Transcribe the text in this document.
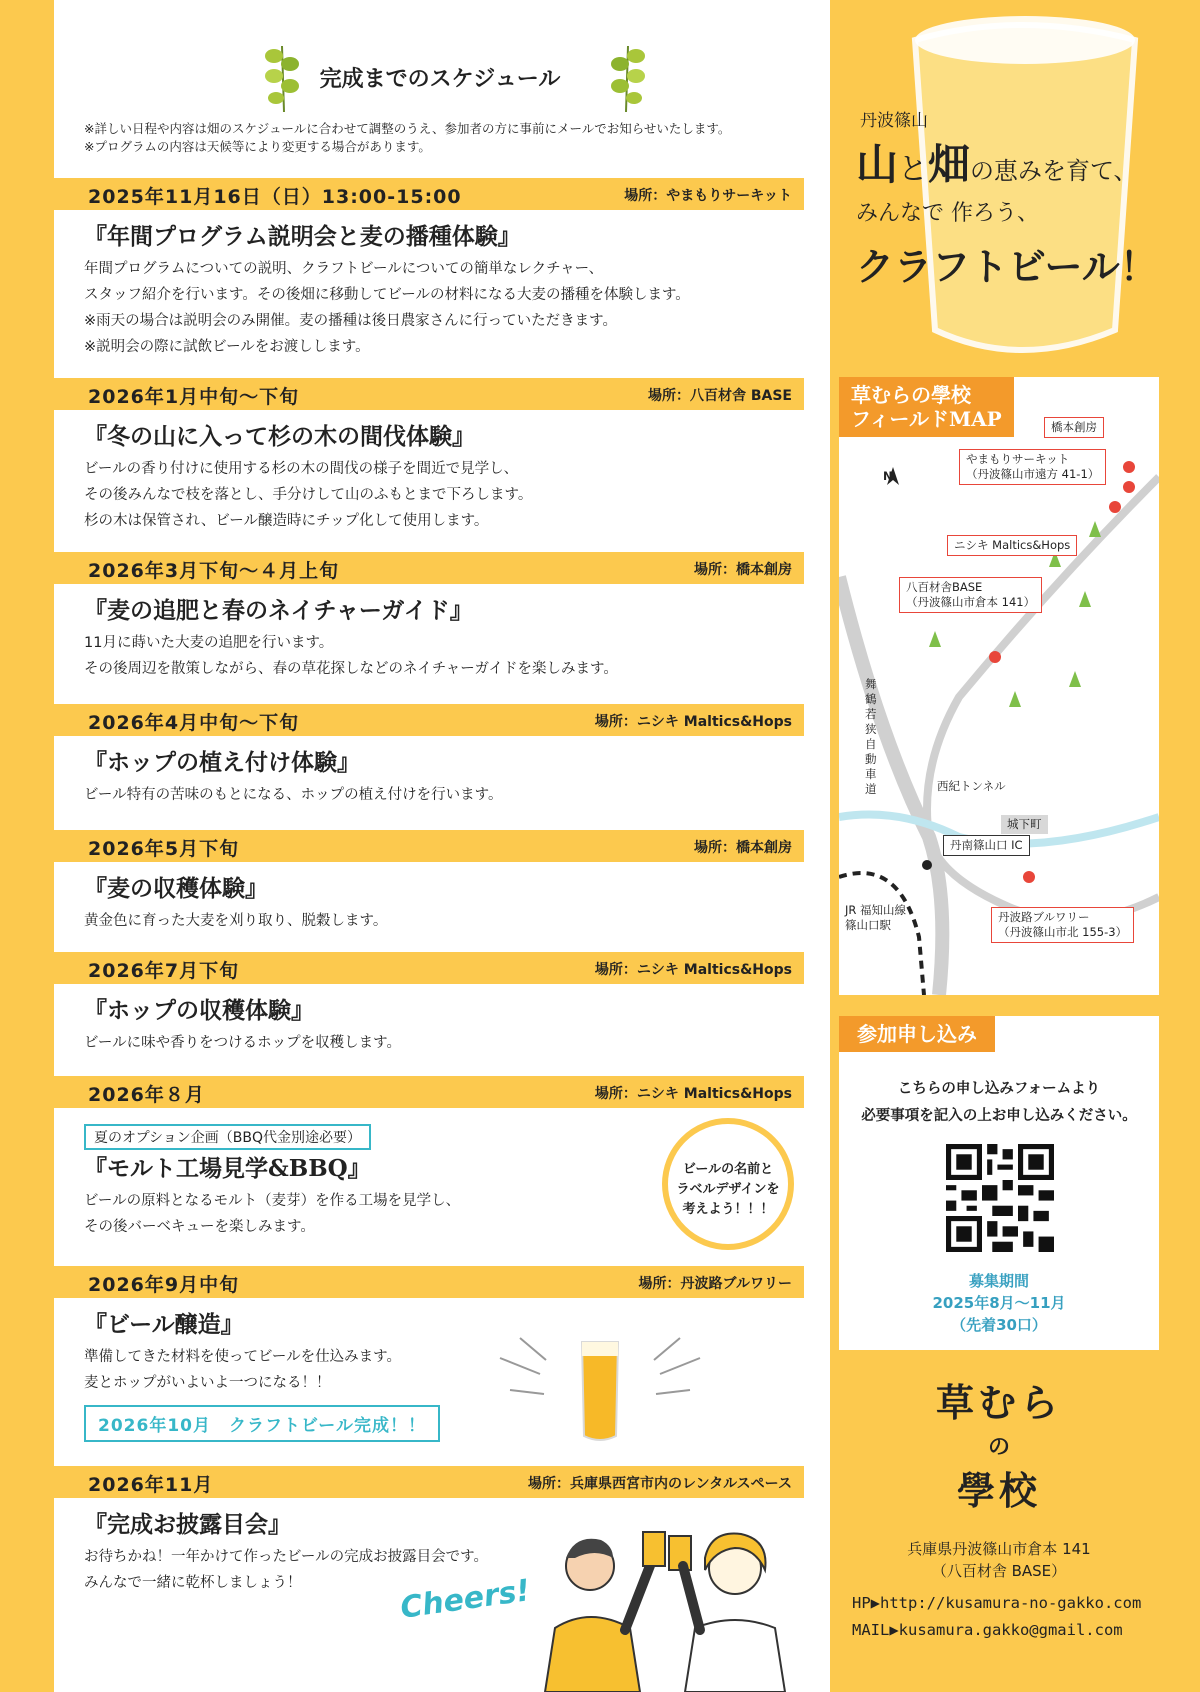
完成までのスケジュール
※詳しい日程や内容は畑のスケジュールに合わせて調整のうえ、参加者の方に事前にメールでお知らせいたします。
※プログラムの内容は天候等により変更する場合があります。
2025年11月16日（日）13:00-15:00	場所：やまもりサーキット
『年間プログラム説明会と麦の播種体験』
年間プログラムについての説明、クラフトビールについての簡単なレクチャー、
スタッフ紹介を行います。その後畑に移動してビールの材料になる大麦の播種を体験します。
※雨天の場合は説明会のみ開催。麦の播種は後日農家さんに行っていただきます。
※説明会の際に試飲ビールをお渡しします。
2026年1月中旬〜下旬	場所：八百材舎 BASE
『冬の山に入って杉の木の間伐体験』
ビールの香り付けに使用する杉の木の間伐の様子を間近で見学し、
その後みんなで枝を落とし、手分けして山のふもとまで下ろします。
杉の木は保管され、ビール醸造時にチップ化して使用します。
2026年3月下旬〜４月上旬	場所：橋本創房
『麦の追肥と春のネイチャーガイド』
11月に蒔いた大麦の追肥を行います。
その後周辺を散策しながら、春の草花探しなどのネイチャーガイドを楽しみます。
2026年4月中旬〜下旬	場所：ニシキ Maltics&Hops
『ホップの植え付け体験』
ビール特有の苦味のもとになる、ホップの植え付けを行います。
2026年5月下旬	場所：橋本創房
『麦の収穫体験』
黄金色に育った大麦を刈り取り、脱穀します。
2026年7月下旬	場所：ニシキ Maltics&Hops
『ホップの収穫体験』
ビールに味や香りをつけるホップを収穫します。
2026年８月	場所：ニシキ Maltics&Hops
夏のオプション企画（BBQ代金別途必要）
『モルト工場見学&BBQ』
ビールの原料となるモルト（麦芽）を作る工場を見学し、
その後バーベキューを楽しみます。
ビールの名前と
ラベルデザインを
考えよう！！！
2026年9月中旬	場所：丹波路ブルワリー
『ビール醸造』
準備してきた材料を使ってビールを仕込みます。
麦とホップがいよいよ一つになる！！
2026年10月　クラフトビール完成！！
2026年11月	場所：兵庫県西宮市内のレンタルスペース
『完成お披露目会』
お待ちかね！一年かけて作ったビールの完成お披露目会です。
みんなで一緒に乾杯しましょう！	Cheers!
丹波篠山
山と畑の恵みを育て、
みんなで 作ろう、
クラフトビール！
草むらの學校
フィールドMAP
N
橋本創房
やまもりサーキット
（丹波篠山市遠方 41-1）
ニシキ Maltics&Hops
八百材舎BASE
（丹波篠山市倉本 141）
舞鶴若狭自動車道	西紀トンネル
城下町
丹南篠山口 IC
JR 福知山線
篠山口駅
丹波路ブルワリー
（丹波篠山市北 155-3）
参加申し込み
こちらの申し込みフォームより
必要事項を記入の上お申し込みください。
募集期間
2025年8月〜11月
（先着30口）
草むら
の
學校
兵庫県丹波篠山市倉本 141
（八百材舎 BASE）
HP▶http://kusamura-no-gakko.com
MAIL▶kusamura.gakko@gmail.com
